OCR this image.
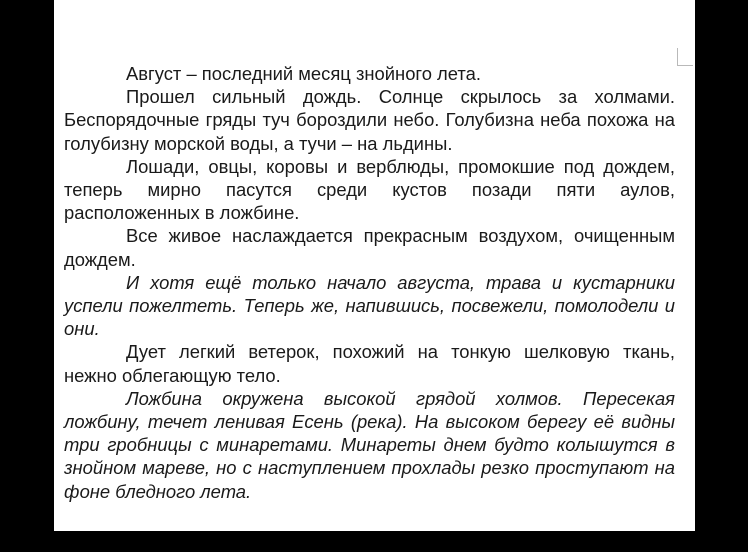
Август – последний месяц знойного лета.

Прошел сильный дождь. Солнце скрылось за холмами. Беспорядочные гряды туч бороздили небо. Голубизна неба похожа на голубизну морской воды, а тучи – на льдины.

Лошади, овцы, коровы и верблюды, промокшие под дождем, теперь мирно пасутся среди кустов позади пяти аулов, расположенных в ложбине.

Все живое наслаждается прекрасным воздухом, очищенным дождем.

И хотя ещё только начало августа, трава и кустарники успели пожелтеть. Теперь же, напившись, посвежели, помолодели и они.

Дует легкий ветерок, похожий на тонкую шелковую ткань, нежно облегающую тело.

Ложбина окружена высокой грядой холмов. Пересекая ложбину, течет ленивая Есень (река). На высоком берегу её видны три гробницы с минаретами. Минареты днем будто колышутся в знойном мареве, но с наступлением прохлады резко проступают на фоне бледного лета.
